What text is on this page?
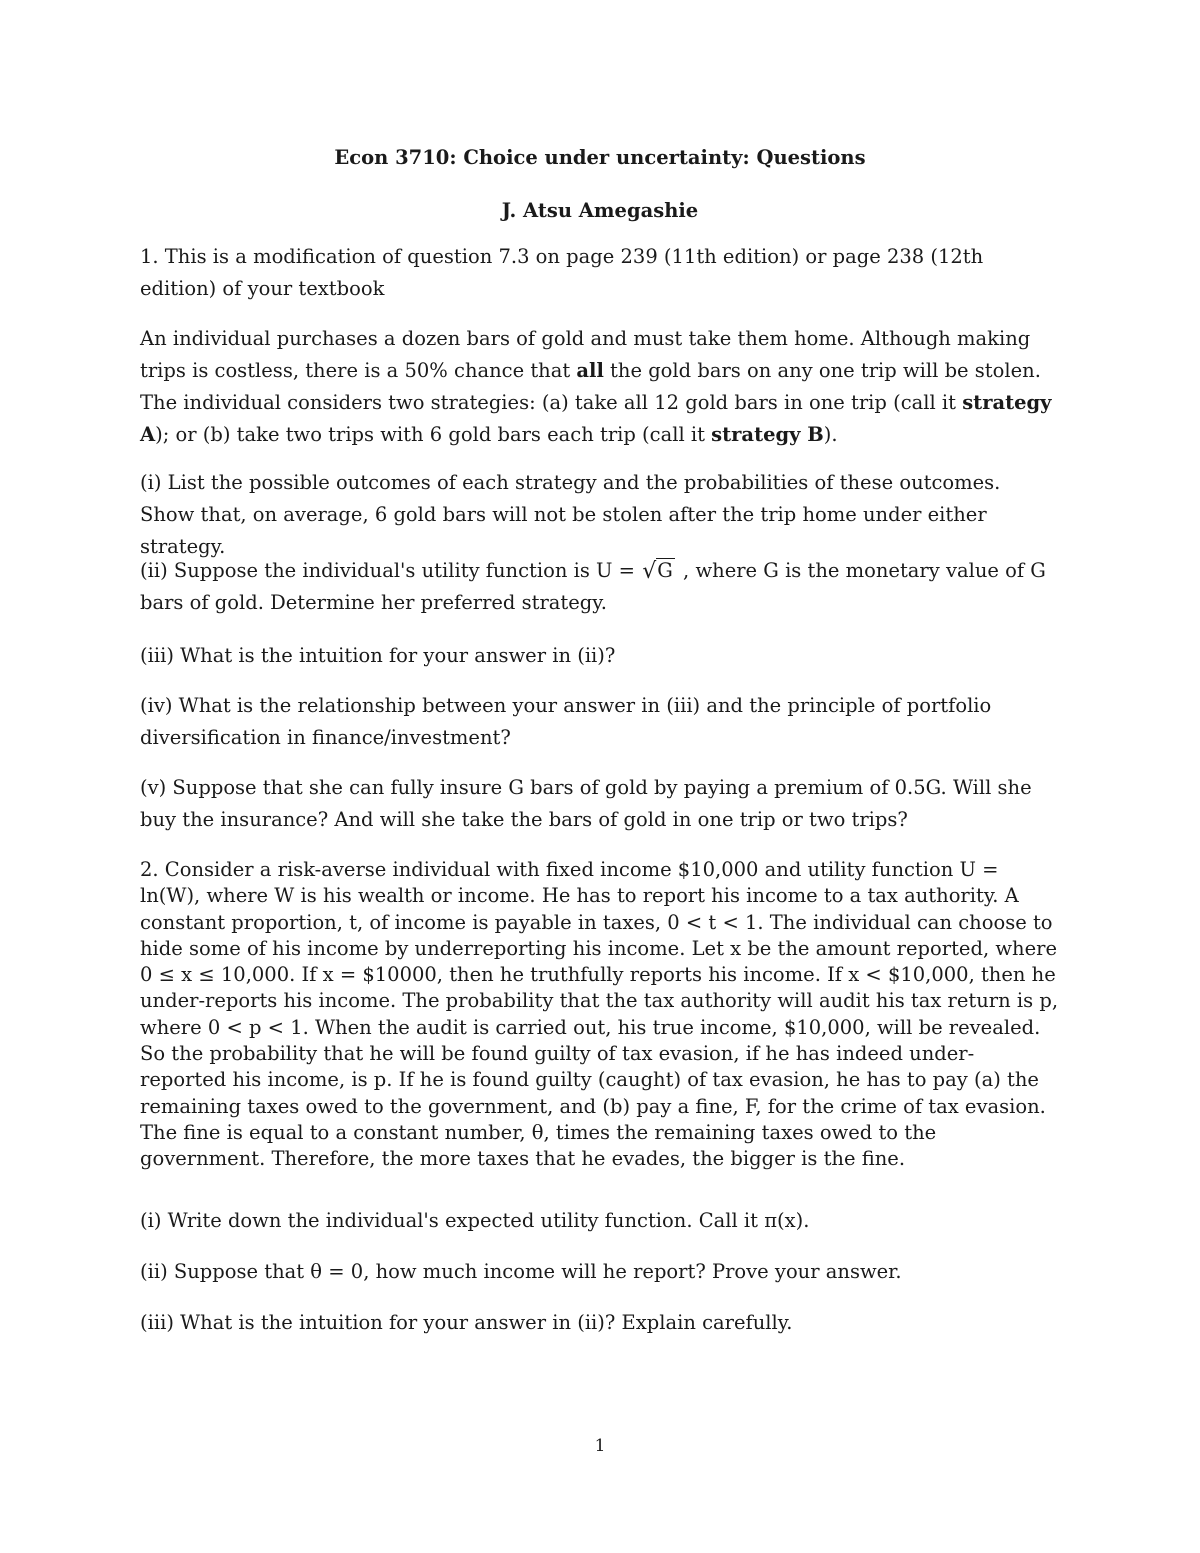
Econ 3710: Choice under uncertainty: Questions
J. Atsu Amegashie

1. This is a modification of question 7.3 on page 239 (11th edition) or page 238 (12th edition) of your textbook

An individual purchases a dozen bars of gold and must take them home. Although making trips is costless, there is a 50% chance that all the gold bars on any one trip will be stolen. The individual considers two strategies: (a) take all 12 gold bars in one trip (call it strategy A); or (b) take two trips with 6 gold bars each trip (call it strategy B).

(i) List the possible outcomes of each strategy and the probabilities of these outcomes. Show that, on average, 6 gold bars will not be stolen after the trip home under either strategy.

(ii) Suppose the individual's utility function is U = √G , where G is the monetary value of G bars of gold. Determine her preferred strategy.

(iii) What is the intuition for your answer in (ii)?

(iv) What is the relationship between your answer in (iii) and the principle of portfolio diversification in finance/investment?

(v) Suppose that she can fully insure G bars of gold by paying a premium of 0.5G. Will she buy the insurance? And will she take the bars of gold in one trip or two trips?

2. Consider a risk-averse individual with fixed income $10,000 and utility function U = ln(W), where W is his wealth or income. He has to report his income to a tax authority. A constant proportion, t, of income is payable in taxes, 0 < t < 1. The individual can choose to hide some of his income by underreporting his income. Let x be the amount reported, where 0 ≤ x ≤ 10,000. If x = $10000, then he truthfully reports his income. If x < $10,000, then he under-reports his income. The probability that the tax authority will audit his tax return is p, where 0 < p < 1. When the audit is carried out, his true income, $10,000, will be revealed. So the probability that he will be found guilty of tax evasion, if he has indeed under-reported his income, is p. If he is found guilty (caught) of tax evasion, he has to pay (a) the remaining taxes owed to the government, and (b) pay a fine, F, for the crime of tax evasion. The fine is equal to a constant number, θ, times the remaining taxes owed to the government. Therefore, the more taxes that he evades, the bigger is the fine.

(i) Write down the individual's expected utility function. Call it π(x).

(ii) Suppose that θ = 0, how much income will he report? Prove your answer.

(iii) What is the intuition for your answer in (ii)? Explain carefully.

1
